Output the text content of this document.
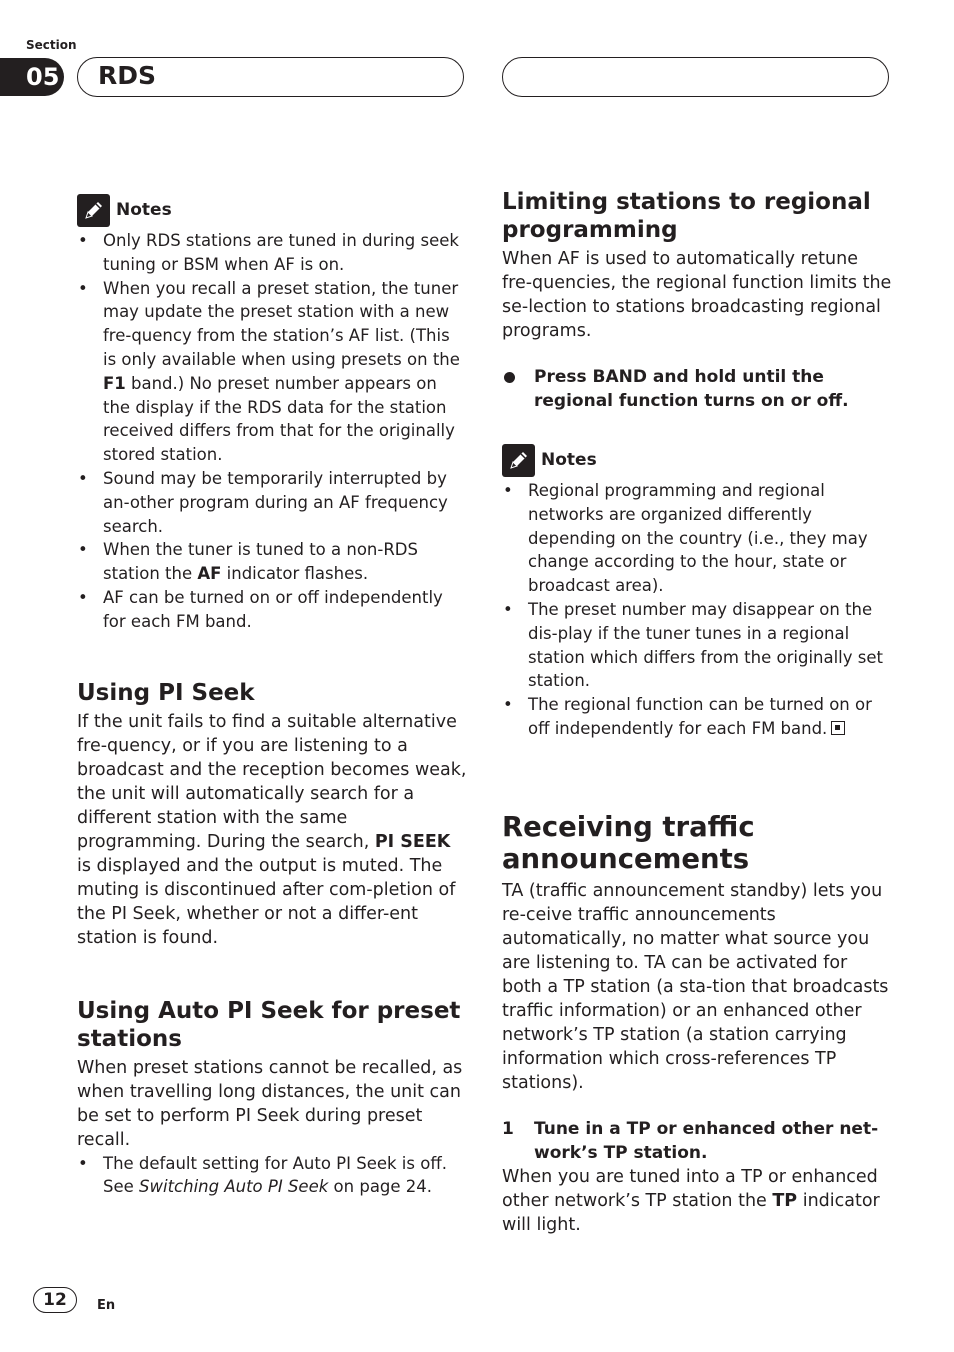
Section
05 RDS
Notes
• Only RDS stations are tuned in during seek tuning or BSM when AF is on.
• When you recall a preset station, the tuner may update the preset station with a new fre-quency from the station’s AF list. (This is only available when using presets on the F1 band.) No preset number appears on the display if the RDS data for the station received differs from that for the originally stored station.
• Sound may be temporarily interrupted by an-other program during an AF frequency search.
• When the tuner is tuned to a non-RDS station the AF indicator flashes.
• AF can be turned on or off independently for each FM band.
Using PI Seek

If the unit fails to find a suitable alternative fre-quency, or if you are listening to a broadcast and the reception becomes weak, the unit will automatically search for a different station with the same programming. During the search, PI SEEK is displayed and the output is muted. The muting is discontinued after com-pletion of the PI Seek, whether or not a differ-ent station is found.

Using Auto PI Seek for preset stations

When preset stations cannot be recalled, as when travelling long distances, the unit can be set to perform PI Seek during preset recall.

• The default setting for Auto PI Seek is off. See Switching Auto PI Seek on page 24.
Limiting stations to regional programming

When AF is used to automatically retune fre-quencies, the regional function limits the se-lection to stations broadcasting regional programs.

Press BAND and hold until the regional function turns on or off.
Notes
• Regional programming and regional networks are organized differently depending on the country (i.e., they may change according to the hour, state or broadcast area).
• The preset number may disappear on the dis-play if the tuner tunes in a regional station which differs from the originally set station.
• The regional function can be turned on or off independently for each FM band.
Receiving traffic announcements

TA (traffic announcement standby) lets you re-ceive traffic announcements automatically, no matter what source you are listening to. TA can be activated for both a TP station (a sta-tion that broadcasts traffic information) or an enhanced other network’s TP station (a station carrying information which cross-references TP stations).

1 Tune in a TP or enhanced other net-work’s TP station.

When you are tuned into a TP or enhanced other network’s TP station the TP indicator will light.

12	En
